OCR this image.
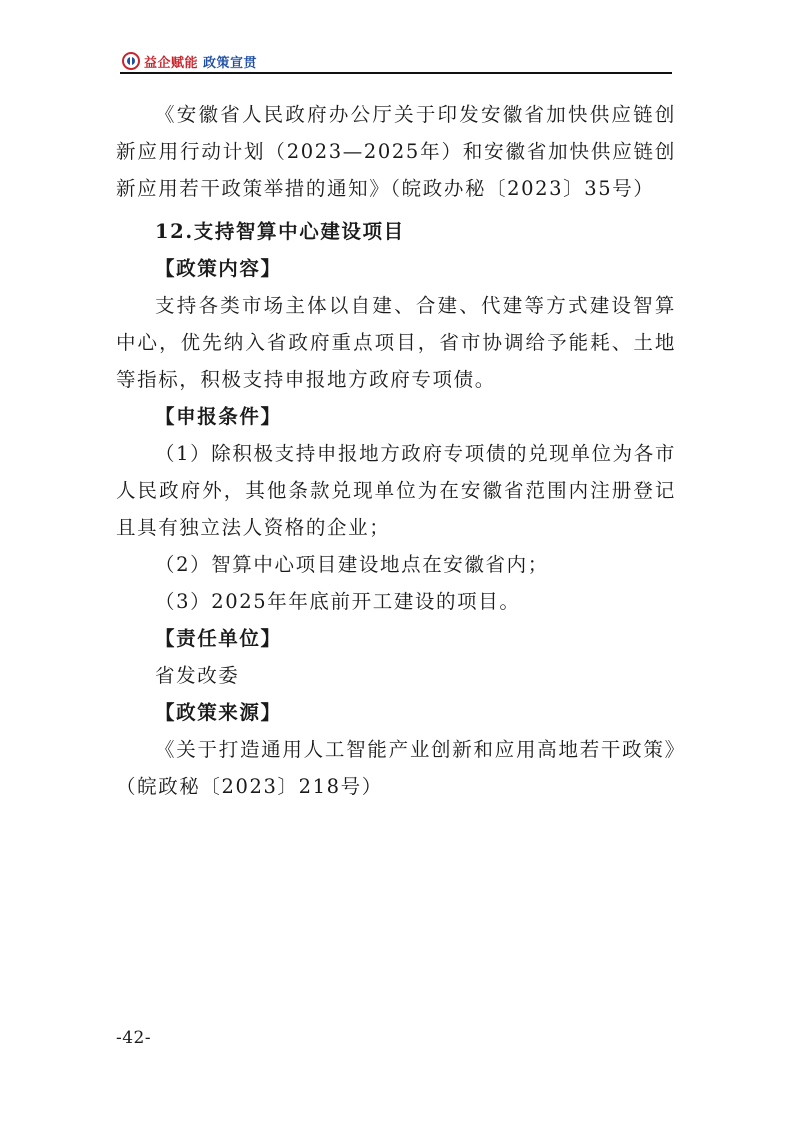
益企赋能 政策宣贯

《安徽省人民政府办公厅关于印发安徽省加快供应链创新应用行动计划（2023—2025年）和安徽省加快供应链创新应用若干政策举措的通知》（皖政办秘〔2023〕35号）

12.支持智算中心建设项目

【政策内容】

支持各类市场主体以自建、合建、代建等方式建设智算中心，优先纳入省政府重点项目，省市协调给予能耗、土地等指标，积极支持申报地方政府专项债。

【申报条件】

（1）除积极支持申报地方政府专项债的兑现单位为各市人民政府外，其他条款兑现单位为在安徽省范围内注册登记且具有独立法人资格的企业；

（2）智算中心项目建设地点在安徽省内；

（3）2025年年底前开工建设的项目。

【责任单位】

省发改委

【政策来源】

《关于打造通用人工智能产业创新和应用高地若干政策》（皖政秘〔2023〕218号）

-42-
